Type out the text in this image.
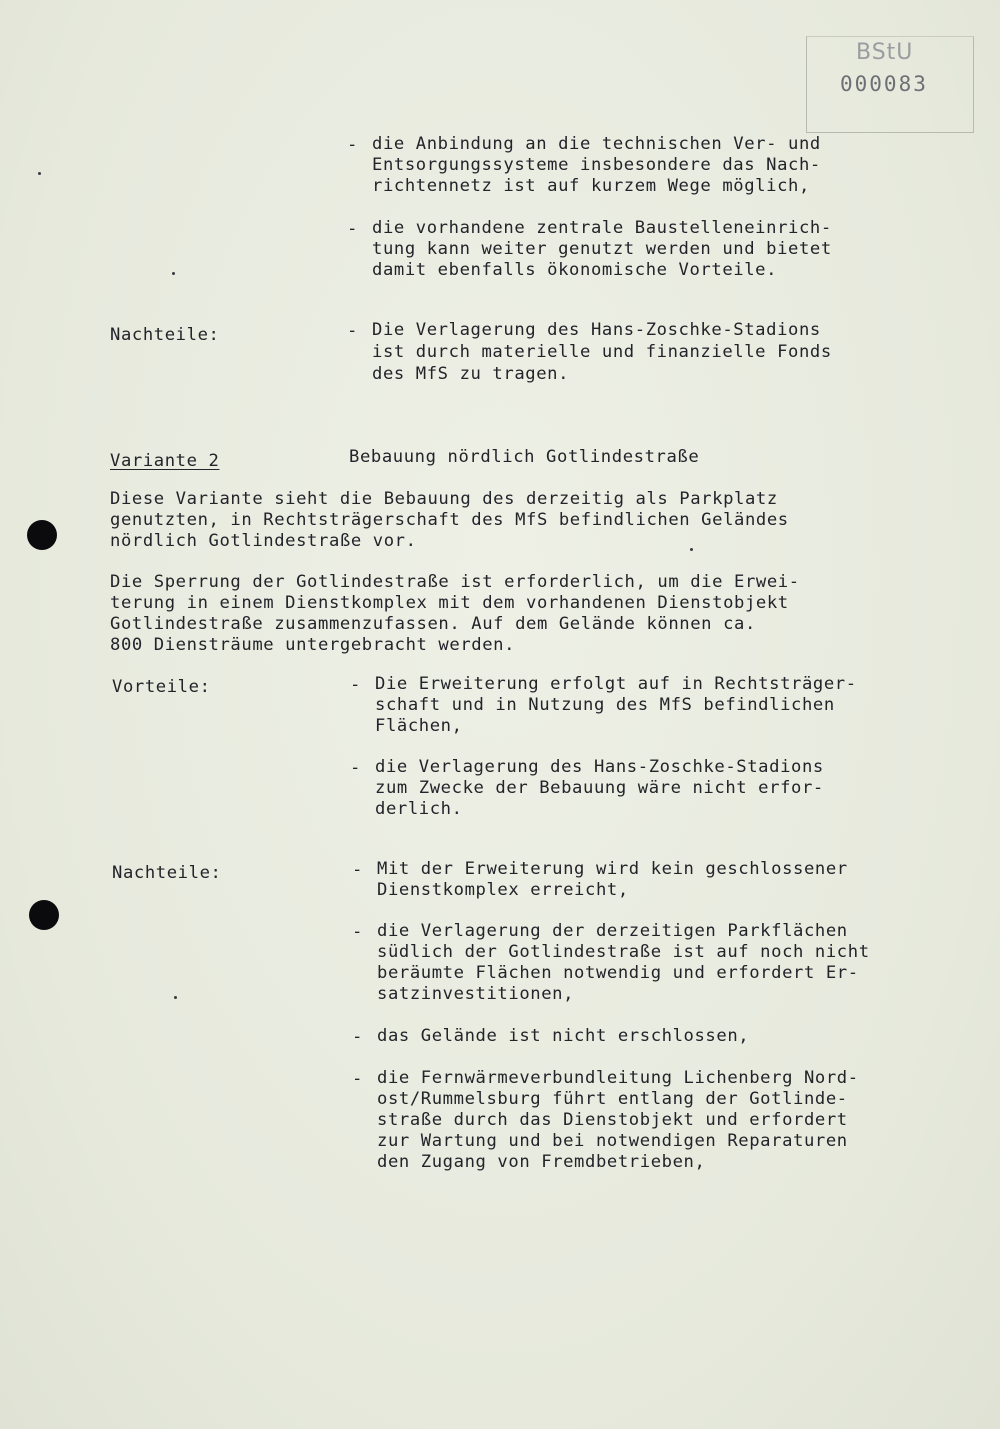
BStU
000083
- die Anbindung an die technischen Ver- und
Entsorgungssysteme insbesondere das Nach-
richtennetz ist auf kurzem Wege möglich,
- die vorhandene zentrale Baustelleneinrich-
tung kann weiter genutzt werden und bietet
damit ebenfalls ökonomische Vorteile.
Nachteile:	- Die Verlagerung des Hans-Zoschke-Stadions
ist durch materielle und finanzielle Fonds
des MfS zu tragen.
Variante 2	Bebauung nördlich Gotlindestraße
Diese Variante sieht die Bebauung des derzeitig als Parkplatz
genutzten, in Rechtsträgerschaft des MfS befindlichen Geländes
nördlich Gotlindestraße vor.
Die Sperrung der Gotlindestraße ist erforderlich, um die Erwei-
terung in einem Dienstkomplex mit dem vorhandenen Dienstobjekt
Gotlindestraße zusammenzufassen. Auf dem Gelände können ca.
800 Diensträume untergebracht werden.
Vorteile:	- Die Erweiterung erfolgt auf in Rechtsträger-
schaft und in Nutzung des MfS befindlichen
Flächen,
- die Verlagerung des Hans-Zoschke-Stadions
zum Zwecke der Bebauung wäre nicht erfor-
derlich.
Nachteile:	- Mit der Erweiterung wird kein geschlossener
Dienstkomplex erreicht,
- die Verlagerung der derzeitigen Parkflächen
südlich der Gotlindestraße ist auf noch nicht
beräumte Flächen notwendig und erfordert Er-
satzinvestitionen,
- das Gelände ist nicht erschlossen,
- die Fernwärmeverbundleitung Lichenberg Nord-
ost/Rummelsburg führt entlang der Gotlinde-
straße durch das Dienstobjekt und erfordert
zur Wartung und bei notwendigen Reparaturen
den Zugang von Fremdbetrieben,
